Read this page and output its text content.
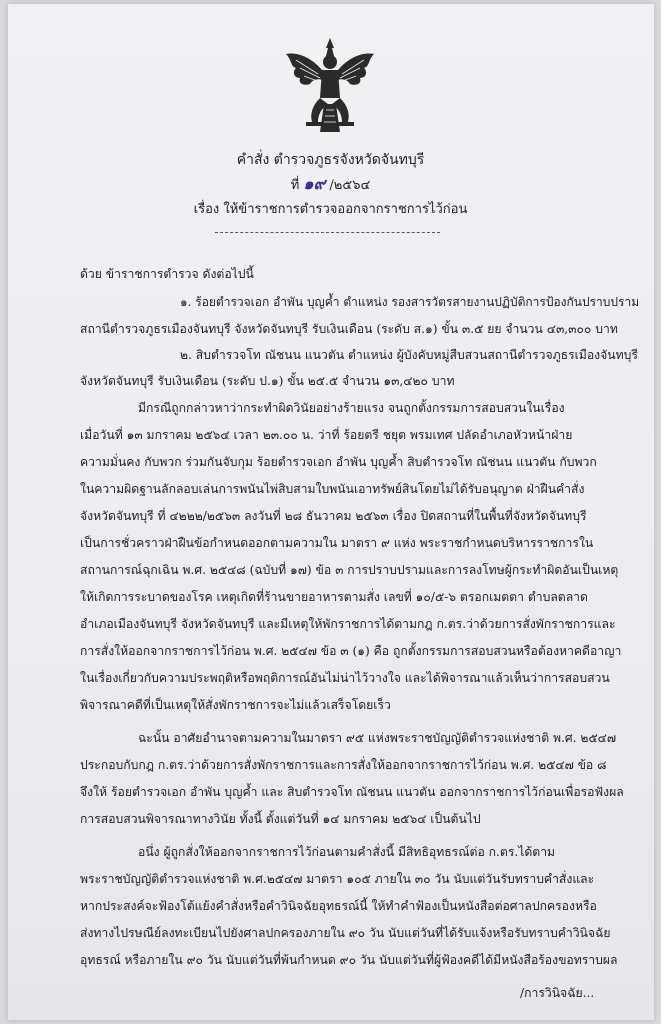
คำสั่ง ตำรวจภูธรจังหวัดจันทบุรี
ที่ ๑๙ /๒๕๖๔
เรื่อง ให้ข้าราชการตำรวจออกจากราชการไว้ก่อน

ด้วย ข้าราชการตำรวจ ดังต่อไปนี้

๑. ร้อยตำรวจเอก อำพัน บุญค้ำ ตำแหน่ง รองสารวัตรสายงานปฏิบัติการป้องกันปราบปราม

สถานีตำรวจภูธรเมืองจันทบุรี จังหวัดจันทบุรี รับเงินเดือน (ระดับ ส.๑) ขั้น ๓.๕ ยย จำนวน ๔๓,๓๐๐ บาท

๒. สิบตำรวจโท ณัชนน แนวตัน ตำแหน่ง ผู้บังคับหมู่สืบสวนสถานีตำรวจภูธรเมืองจันทบุรี

จังหวัดจันทบุรี รับเงินเดือน (ระดับ ป.๑) ขั้น ๒๕.๕ จำนวน ๑๓,๔๒๐ บาท

มีกรณีถูกกล่าวหาว่ากระทำผิดวินัยอย่างร้ายแรง จนถูกตั้งกรรมการสอบสวนในเรื่อง

เมื่อวันที่ ๑๓ มกราคม ๒๕๖๔ เวลา ๒๓.๐๐ น. ว่าที่ ร้อยตรี ชยุต พรมเทศ ปลัดอำเภอหัวหน้าฝ่าย

ความมั่นคง กับพวก ร่วมกันจับกุม ร้อยตำรวจเอก อำพัน บุญค้ำ สิบตำรวจโท ณัชนน แนวตัน กับพวก

ในความผิดฐานลักลอบเล่นการพนันไพ่สิบสามใบพนันเอาทรัพย์สินโดยไม่ได้รับอนุญาต ฝ่าฝืนคำสั่ง

จังหวัดจันทบุรี ที่ ๔๒๒๒/๒๕๖๓ ลงวันที่ ๒๘ ธันวาคม ๒๕๖๓ เรื่อง ปิดสถานที่ในพื้นที่จังหวัดจันทบุรี

เป็นการชั่วคราวฝ่าฝืนข้อกำหนดออกตามความใน มาตรา ๙ แห่ง พระราชกำหนดบริหารราชการใน

สถานการณ์ฉุกเฉิน พ.ศ. ๒๕๔๘ (ฉบับที่ ๑๗) ข้อ ๓ การปราบปรามและการลงโทษผู้กระทำผิดอันเป็นเหตุ

ให้เกิดการระบาดของโรค เหตุเกิดที่ร้านขายอาหารตามสั่ง เลขที่ ๑๐/๕-๖ ตรอกเมตตา ตำบลตลาด

อำเภอเมืองจันทบุรี จังหวัดจันทบุรี และมีเหตุให้พักราชการได้ตามกฎ ก.ตร.ว่าด้วยการสั่งพักราชการและ

การสั่งให้ออกจากราชการไว้ก่อน พ.ศ. ๒๕๔๗ ข้อ ๓ (๑) คือ ถูกตั้งกรรมการสอบสวนหรือต้องหาคดีอาญา

ในเรื่องเกี่ยวกับความประพฤติหรือพฤติการณ์อันไม่น่าไว้วางใจ และได้พิจารณาแล้วเห็นว่าการสอบสวน

พิจารณาคดีที่เป็นเหตุให้สั่งพักราชการจะไม่แล้วเสร็จโดยเร็ว

ฉะนั้น อาศัยอำนาจตามความในมาตรา ๙๕ แห่งพระราชบัญญัติตำรวจแห่งชาติ พ.ศ. ๒๕๔๗

ประกอบกับกฎ ก.ตร.ว่าด้วยการสั่งพักราชการและการสั่งให้ออกจากราชการไว้ก่อน พ.ศ. ๒๕๔๗ ข้อ ๘

จึงให้ ร้อยตำรวจเอก อำพัน บุญค้ำ และ สิบตำรวจโท ณัชนน แนวตัน ออกจากราชการไว้ก่อนเพื่อรอฟังผล

การสอบสวนพิจารณาทางวินัย ทั้งนี้ ตั้งแต่วันที่ ๑๔ มกราคม ๒๕๖๔ เป็นต้นไป

อนึ่ง ผู้ถูกสั่งให้ออกจากราชการไว้ก่อนตามคำสั่งนี้ มีสิทธิอุทธรณ์ต่อ ก.ตร.ได้ตาม

พระราชบัญญัติตำรวจแห่งชาติ พ.ศ.๒๕๔๗ มาตรา ๑๐๕ ภายใน ๓๐ วัน นับแต่วันรับทราบคำสั่งและ

หากประสงค์จะฟ้องโต้แย้งคำสั่งหรือคำวินิจฉัยอุทธรณ์นี้ ให้ทำคำฟ้องเป็นหนังสือต่อศาลปกครองหรือ

ส่งทางไปรษณีย์ลงทะเบียนไปยังศาลปกครองภายใน ๙๐ วัน นับแต่วันที่ได้รับแจ้งหรือรับทราบคำวินิจฉัย

อุทธรณ์ หรือภายใน ๙๐ วัน นับแต่วันที่พ้นกำหนด ๙๐ วัน นับแต่วันที่ผู้ฟ้องคดีได้มีหนังสือร้องขอทราบผล

/การวินิจฉัย...
